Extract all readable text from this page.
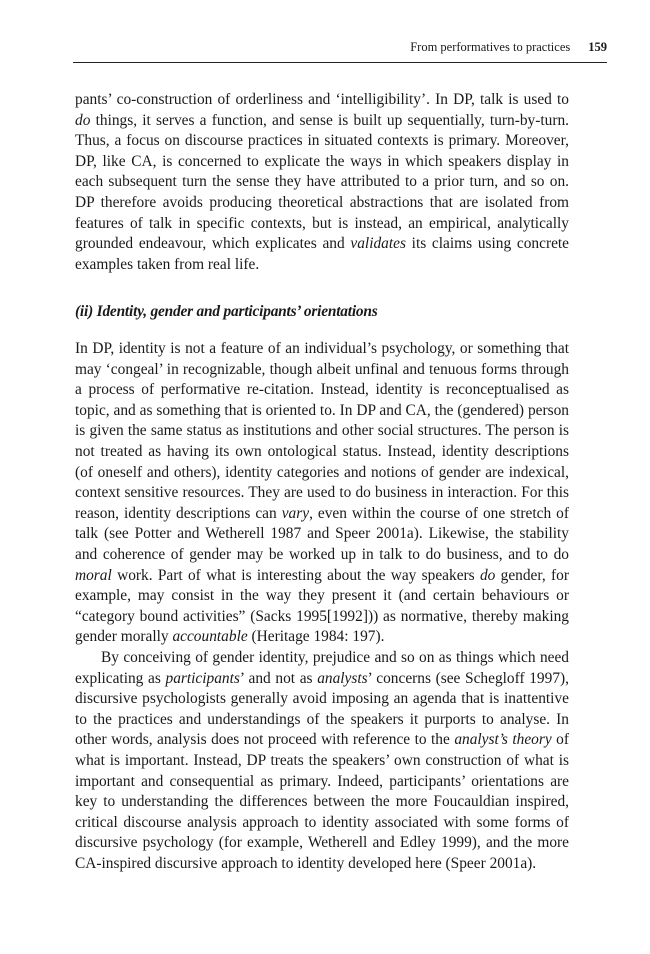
From performatives to practices 159

pants’ co-construction of orderliness and ‘intelligibility’. In DP, talk is used to do things, it serves a function, and sense is built up sequentially, turn-by-turn. Thus, a focus on discourse practices in situated contexts is primary. Moreover, DP, like CA, is concerned to explicate the ways in which speakers display in each subsequent turn the sense they have attributed to a prior turn, and so on. DP therefore avoids producing theoretical abstractions that are isolated from features of talk in specific contexts, but is instead, an empirical, analytically grounded endeavour, which explicates and validates its claims using concrete examples taken from real life.

(ii) Identity, gender and participants’ orientations

In DP, identity is not a feature of an individual’s psychology, or something that may ‘congeal’ in recognizable, though albeit unfinal and tenuous forms through a process of performative re-citation. Instead, identity is reconceptualised as topic, and as something that is oriented to. In DP and CA, the (gendered) person is given the same status as institutions and other social structures. The person is not treated as having its own ontological status. Instead, identity descriptions (of oneself and others), identity categories and notions of gender are indexical, context sensitive resources. They are used to do business in interaction. For this reason, identity descriptions can vary, even within the course of one stretch of talk (see Potter and Wetherell 1987 and Speer 2001a). Likewise, the stability and coherence of gender may be worked up in talk to do business, and to do moral work. Part of what is interesting about the way speakers do gender, for example, may consist in the way they present it (and certain behaviours or “category bound activities” (Sacks 1995[1992])) as normative, thereby making gender morally accountable (Heritage 1984: 197).

By conceiving of gender identity, prejudice and so on as things which need explicating as participants’ and not as analysts’ concerns (see Schegloff 1997), discursive psychologists generally avoid imposing an agenda that is inattentive to the practices and understandings of the speakers it purports to analyse. In other words, analysis does not proceed with reference to the analyst’s theory of what is important. Instead, DP treats the speakers’ own construction of what is important and consequential as primary. Indeed, participants’ orientations are key to understanding the differences between the more Foucauldian inspired, critical discourse analysis approach to identity associated with some forms of discursive psychology (for example, Wetherell and Edley 1999), and the more CA-inspired discursive approach to identity developed here (Speer 2001a).
